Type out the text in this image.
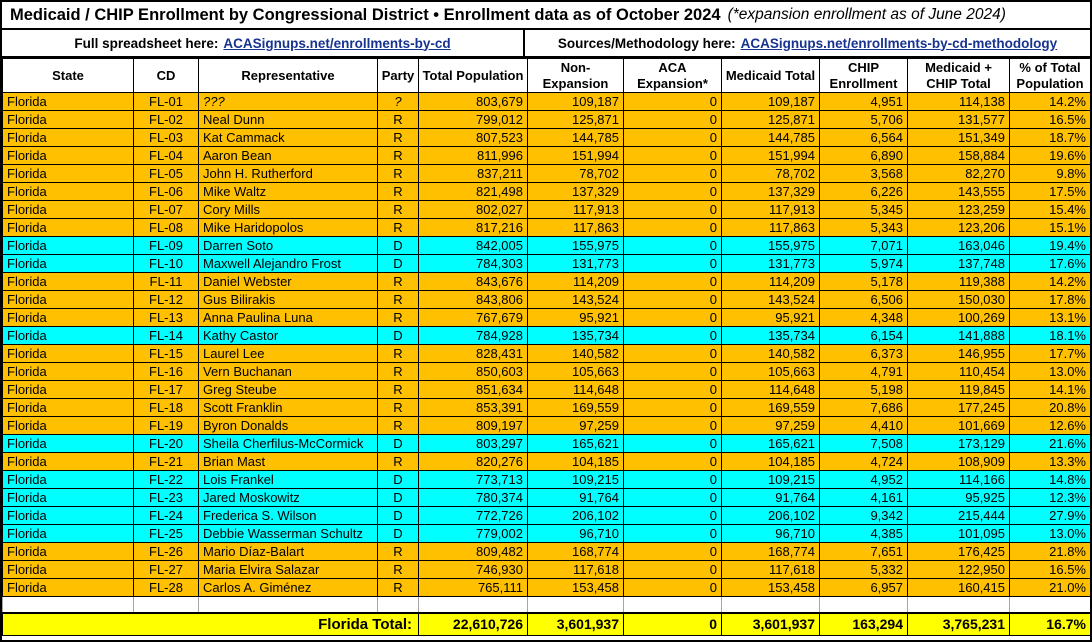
Medicaid / CHIP Enrollment by Congressional District • Enrollment data as of October 2024 (*expansion enrollment as of June 2024)
Full spreadsheet here: ACASignups.net/enrollments-by-cd	Sources/Methodology here: ACASignups.net/enrollments-by-cd-methodology
State	CD	Representative	Party	Total Population	Non-Expansion	ACA Expansion*	Medicaid Total	CHIP Enrollment	Medicaid + CHIP Total	% of Total Population
Florida	FL-01	???	?	803,679	109,187	0	109,187	4,951	114,138	14.2%
Florida	FL-02	Neal Dunn	R	799,012	125,871	0	125,871	5,706	131,577	16.5%
Florida	FL-03	Kat Cammack	R	807,523	144,785	0	144,785	6,564	151,349	18.7%
Florida	FL-04	Aaron Bean	R	811,996	151,994	0	151,994	6,890	158,884	19.6%
Florida	FL-05	John H. Rutherford	R	837,211	78,702	0	78,702	3,568	82,270	9.8%
Florida	FL-06	Mike Waltz	R	821,498	137,329	0	137,329	6,226	143,555	17.5%
Florida	FL-07	Cory Mills	R	802,027	117,913	0	117,913	5,345	123,259	15.4%
Florida	FL-08	Mike Haridopolos	R	817,216	117,863	0	117,863	5,343	123,206	15.1%
Florida	FL-09	Darren Soto	D	842,005	155,975	0	155,975	7,071	163,046	19.4%
Florida	FL-10	Maxwell Alejandro Frost	D	784,303	131,773	0	131,773	5,974	137,748	17.6%
Florida	FL-11	Daniel Webster	R	843,676	114,209	0	114,209	5,178	119,388	14.2%
Florida	FL-12	Gus Bilirakis	R	843,806	143,524	0	143,524	6,506	150,030	17.8%
Florida	FL-13	Anna Paulina Luna	R	767,679	95,921	0	95,921	4,348	100,269	13.1%
Florida	FL-14	Kathy Castor	D	784,928	135,734	0	135,734	6,154	141,888	18.1%
Florida	FL-15	Laurel Lee	R	828,431	140,582	0	140,582	6,373	146,955	17.7%
Florida	FL-16	Vern Buchanan	R	850,603	105,663	0	105,663	4,791	110,454	13.0%
Florida	FL-17	Greg Steube	R	851,634	114,648	0	114,648	5,198	119,845	14.1%
Florida	FL-18	Scott Franklin	R	853,391	169,559	0	169,559	7,686	177,245	20.8%
Florida	FL-19	Byron Donalds	R	809,197	97,259	0	97,259	4,410	101,669	12.6%
Florida	FL-20	Sheila Cherfilus-McCormick	D	803,297	165,621	0	165,621	7,508	173,129	21.6%
Florida	FL-21	Brian Mast	R	820,276	104,185	0	104,185	4,724	108,909	13.3%
Florida	FL-22	Lois Frankel	D	773,713	109,215	0	109,215	4,952	114,166	14.8%
Florida	FL-23	Jared Moskowitz	D	780,374	91,764	0	91,764	4,161	95,925	12.3%
Florida	FL-24	Frederica S. Wilson	D	772,726	206,102	0	206,102	9,342	215,444	27.9%
Florida	FL-25	Debbie Wasserman Schultz	D	779,002	96,710	0	96,710	4,385	101,095	13.0%
Florida	FL-26	Mario Díaz-Balart	R	809,482	168,774	0	168,774	7,651	176,425	21.8%
Florida	FL-27	Maria Elvira Salazar	R	746,930	117,618	0	117,618	5,332	122,950	16.5%
Florida	FL-28	Carlos A. Giménez	R	765,111	153,458	0	153,458	6,957	160,415	21.0%

Florida Total:				22,610,726	3,601,937	0	3,601,937	163,294	3,765,231	16.7%
